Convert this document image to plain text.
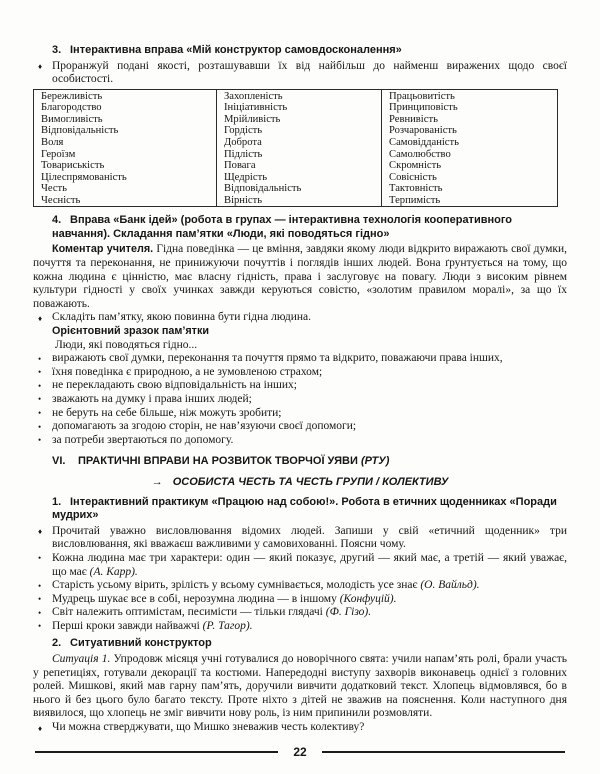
3. Інтерактивна вправа «Мій конструктор самовдосконалення»
♦ Проранжуй подані якості, розташувавши їх від найбільш до найменш виражених щодо своєї особистості.
Бережливість	Захопленість	Працьовитість
Благородство	Ініціативність	Принциповість
Вимогливість	Мрійливість	Ревнивість
Відповідальність	Гордість	Розчарованість
Воля	Доброта	Самовідданість
Героїзм	Підлість	Самолюбство
Товариськість	Повага	Скромність
Цілеспрямованість	Щедрість	Совісність
Честь	Відповідальність	Тактовність
Чесність	Вірність	Терпимість
4. Вправа «Банк ідей» (робота в групах — інтерактивна технологія кооперативного навчання). Складання пам’ятки «Люди, які поводяться гідно»

Коментар учителя. Гідна поведінка — це вміння, завдяки якому люди відкрито виражають свої думки, почуття та переконання, не принижуючи почуттів і поглядів інших людей. Вона ґрунтується на тому, що кожна людина є цінністю, має власну гідність, права і заслуговує на повагу. Люди з високим рівнем культури гідності у своїх учинках завжди керуються совістю, «золотим правилом моралі», за що їх поважають.

♦ Складіть пам’ятку, якою повинна бути гідна людина.
Орієнтовний зразок пам’ятки
Люди, які поводяться гідно...
• виражають свої думки, переконання та почуття прямо та відкрито, поважаючи права інших,
• їхня поведінка є природною, а не зумовленою страхом;
• не перекладають свою відповідальність на інших;
• зважають на думку і права інших людей;
• не беруть на себе більше, ніж можуть зробити;
• допомагають за згодою сторін, не нав’язуючи своєї допомоги;
• за потреби звертаються по допомогу.
VI. ПРАКТИЧНІ ВПРАВИ НА РОЗВИТОК ТВОРЧОЇ УЯВИ (РТУ)
→ ОСОБИСТА ЧЕСТЬ ТА ЧЕСТЬ ГРУПИ / КОЛЕКТИВУ
1. Інтерактивний практикум «Працюю над собою!». Робота в етичних щоденниках «Поради мудрих»
♦ Прочитай уважно висловлювання відомих людей. Запиши у свій «етичний щоденник» три висловлювання, які вважаєш важливими у самовихованні. Поясни чому.
• Кожна людина має три характери: один — який показує, другий — який має, а третій — який уважає, що має (А. Карр).
• Старість усьому вірить, зрілість у всьому сумнівається, молодість усе знає (О. Вайльд).
• Мудрець шукає все в собі, нерозумна людина — в іншому (Конфуцій).
• Світ належить оптимістам, песимісти — тільки глядачі (Ф. Гізо).
• Перші кроки завжди найважчі (Р. Тагор).
2. Ситуативний конструктор

Ситуація 1. Упродовж місяця учні готувалися до новорічного свята: учили напам’ять ролі, брали участь у репетиціях, готували декорації та костюми. Напередодні виступу захворів виконавець однієї з головних ролей. Мишкові, який мав гарну пам’ять, доручили вивчити додатковий текст. Хлопець відмовлявся, бо в нього й без цього було багато тексту. Проте ніхто з дітей не зважив на пояснення. Коли наступного дня виявилося, що хлопець не зміг вивчити нову роль, із ним припинили розмовляти.

♦ Чи можна стверджувати, що Мишко зневажив честь колективу?
22
